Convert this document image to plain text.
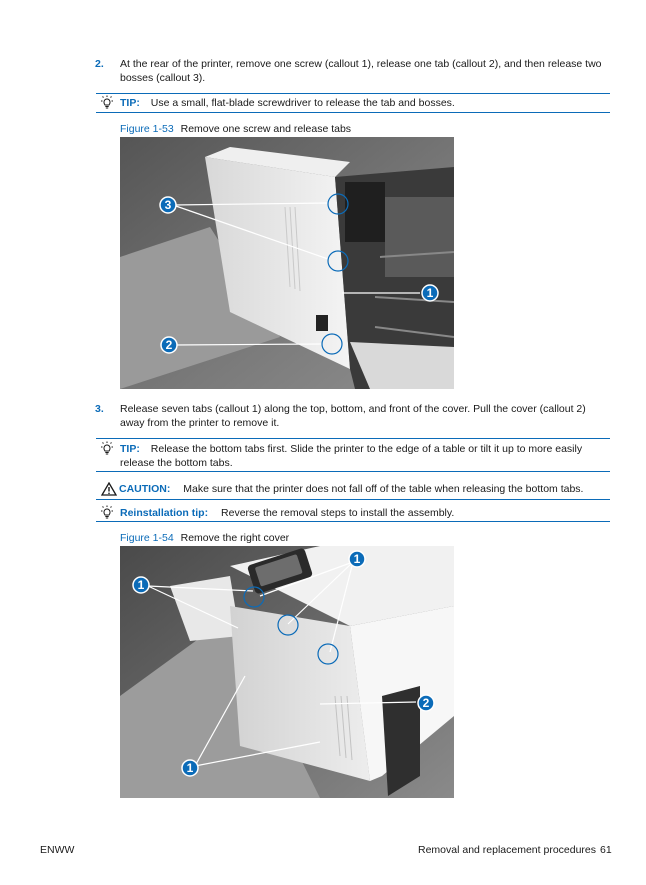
2. At the rear of the printer, remove one screw (callout 1), release one tab (callout 2), and then release two bosses (callout 3).
TIP: Use a small, flat-blade screwdriver to release the tab and bosses.
Figure 1-53 Remove one screw and release tabs
3
1
2
3. Release seven tabs (callout 1) along the top, bottom, and front of the cover. Pull the cover (callout 2) away from the printer to remove it.
TIP: Release the bottom tabs first. Slide the printer to the edge of a table or tilt it up to more easily release the bottom tabs.
CAUTION: Make sure that the printer does not fall off of the table when releasing the bottom tabs.
Reinstallation tip: Reverse the removal steps to install the assembly.
Figure 1-54 Remove the right cover
1
1
2
1
ENWW	Removal and replacement procedures 61
